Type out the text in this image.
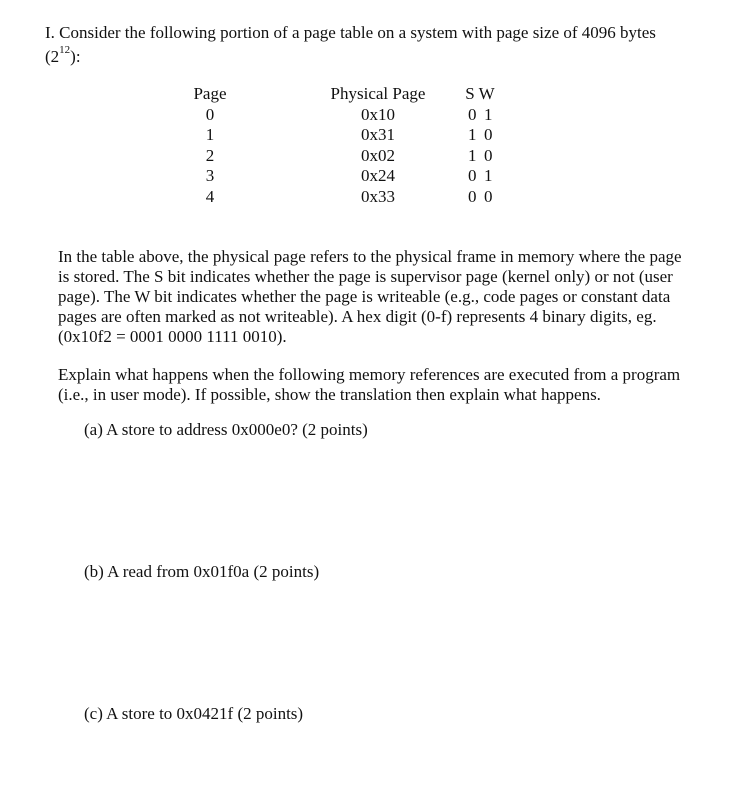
I. Consider the following portion of a page table on a system with page size of 4096 bytes

$(2^{12})$:

Page
0
1
2
3
4
Physical Page
0x10
0x31
0x02
0x24
0x33
S W
0 1
1 0
1 0
0 1
0 0
In the table above, the physical page refers to the physical frame in memory where the page
is stored. The S bit indicates whether the page is supervisor page (kernel only) or not (user
page). The W bit indicates whether the page is writeable (e.g., code pages or constant data
pages are often marked as not writeable). A hex digit (0-f) represents 4 binary digits, eg.
(0x10f2 = 0001 0000 1111 0010).
Explain what happens when the following memory references are executed from a program
(i.e., in user mode). If possible, show the translation then explain what happens.

(a) A store to address 0x000e0? (2 points)

(b) A read from 0x01f0a (2 points)

(c) A store to 0x0421f (2 points)
